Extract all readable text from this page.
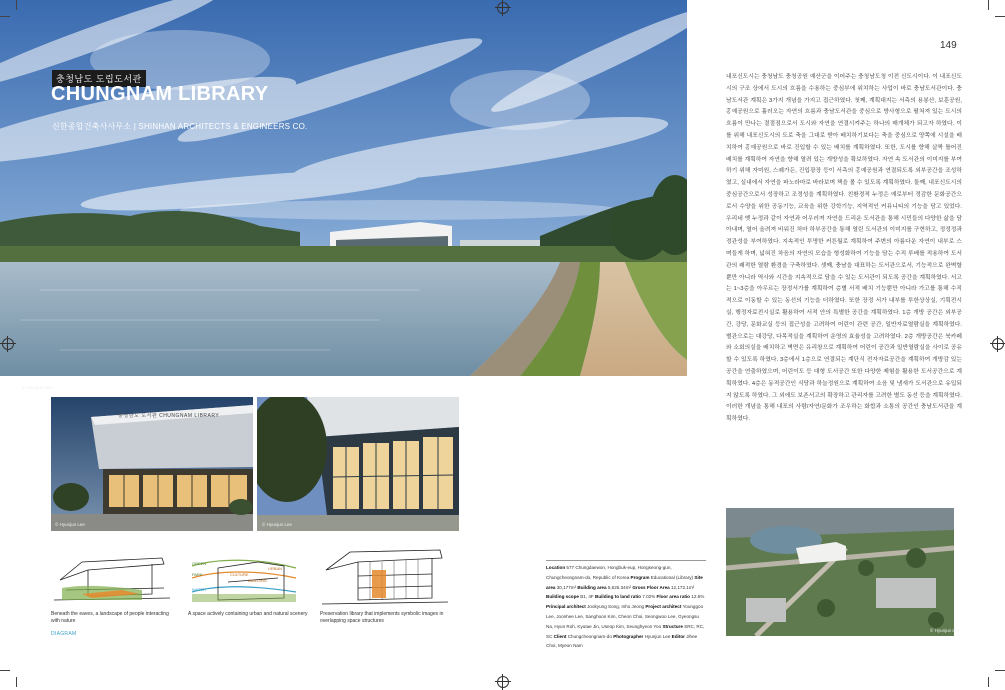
충청남도 도립도서관
CHUNGNAM LIBRARY
신한종합건축사사무소 | SHINHAN ARCHITECTS & ENGINEERS CO.
© Hyunjun Lee
충청남도 도서관 CHUNGNAM LIBRARY
© Hyunjun Lee	© Hyunjun Lee
GREEN
PARK	CULTURE
BUILDING
URBAN
WATER
Beneath the eaves, a landscape of people interacting with nature
A space actively containing urban and natural scenery	Preservation library that implements symbolic images in overlapping space structures
DIAGRAM
Location 577 Chungdaewon, Hongbuk-eup, Hongseong-gun, Chungcheongnam-do, Republic of Korea Program Educational (Library) Site area 30,177m² Building area 5,625.34m² Gross Floor Area 12,172.1m² Building scope B1, 4F Building to land ratio 7.02% Floor area ratio 12.8% Principal architect Jookyung Song, Inho Jeong Project architect Younggoo Lee, Joonhee Lee, Sanghoon Kim, Cheon Choi, Seongwoo Lee, Gyeongsu Na, Hyun Roh, Kyutae Jin, Useop Kim, Seunghyeon Yoo Structure SRC, RC, SC Client Chungcheongnam-do Photographer Hyunjun Lee Editor Jihee Choi, Myeon Nam
149
내포신도시는 충청남도 충청공원 예산군을 이어주는 충청남도청 이전 신도시이다. 이 내포신도시의 구조 상에서 도시의 흐름을 수용하는 중심부에 위치하는 사업이 바로 충남도서관이다. 충남도서관 계획은 3가지 개념을 가지고 접근하였다. 첫째, 계획대지는 서측의 용봉산, 보훈공원, 홍예공원으로 흘러오는 자연의 흐름과 충남도서관을 중심으로 방사형으로 펼쳐져 있는 도시의 흐름이 만나는 결절점으로서 도시와 자연을 연결시켜주는 하나의 매개체가 되고자 하였다. 이를 위해 내포신도시의 도로 축을 그대로 받아 배치하기보다는 축을 중심으로 양쪽에 시설을 배치하여 홍예공원으로 바로 진입할 수 있는 배치를 계획하였다. 또한, 도시를 향해 살짝 틀어진 배치를 계획하여 자연을 향해 열려 있는 개방성을 확보하였다. 자연 속 도서관의 이미지를 부여하기 위해 자미원, 스퀘가든, 진입광장 등이 서측의 홍예공원과 연결되도록 외부공간을 조성하였고, 실내에서 자연을 파노라마로 바라보며 책을 볼 수 있도록 계획하였다. 둘째, 내포신도시의 중심공간으로서 성장하고 조정성을 계획하였다. 친환경적 누정은 예로부터 정감한 문화공간으로서 수양을 위한 공동기능, 교육을 위한 강학기능, 지역적인 커뮤니티의 기능을 담고 있었다. 우리네 옛 누정과 같이 자연과 어우러져 자연을 드리운 도서관을 통해 시민들의 다양한 삶을 담아내며, 열어 올려져 비워진 처마 하부공간을 통해 열린 도서관의 이미지를 구현하고, 정정정과 정관성을 부여하였다. 지속적인 투명한 커튼월로 계획하여 주변의 아름다운 자연이 내부로 스며들게 하며, 넓혀진 차음의 자연의 모습을 형성화하여 기능을 담는 수직 루베를 적용하여 도서관의 쾌적한 열람 환경을 구축하였다. 셋째, 충남을 대표하는 도서관으로서, 기능적으로 완벽할 뿐만 아니라 역사와 시간을 지속적으로 담을 수 있는 도서관이 되도록 공간을 계획하였다. 서고는 1~3층을 아우르는 장정서가를 계획하여 층별 서적 배치 기능뿐만 아니라 가고를 통해 수직적으로 이동할 수 있는 동선의 기능을 더하였다. 또한 장정 서가 내부를 투한상상실, 기획전시실, 행정자료전시실로 활용하여 서적 안의 특별한 공간을 계획하였다. 1층 개방 공간은 외부공간, 강당, 문화교실 등의 접근성을 고려하여 어린이 관련 공간, 일반자료열람실을 계획하였다. 별관으로는 대강당, 다목적실을 계획하여 운영의 효율성을 고려하였다. 2층 개방공간은 북카페와 소회의실을 배치하고 벽면은 유리창으로 계획하여 어린이 공간과 일반열람실을 사이로 공유할 수 있도록 하였다. 3층에서 1층으로 연결되는 계단식 전자자료공간을 계획하여 개방감 있는 공간을 연출하였으며, 어린이도 등 대형 도서공간 또한 다양한 제험을 활용한 도서공간으로 계획하였다. 4층은 동적공간인 식당과 하늘정원으로 계획하여 소음 및 냄새가 도서관으로 유입되지 않도록 하였다. 그 외에도 보존서고의 확장하고 관리자를 고려한 별도 동선 등을 계획하였다. 이러한 개념을 통해 내포의 사람/자연/문화가 조우하는 화합과 소통의 공간인 충남도서관을 계획하였다.
© Hyunjun Lee
